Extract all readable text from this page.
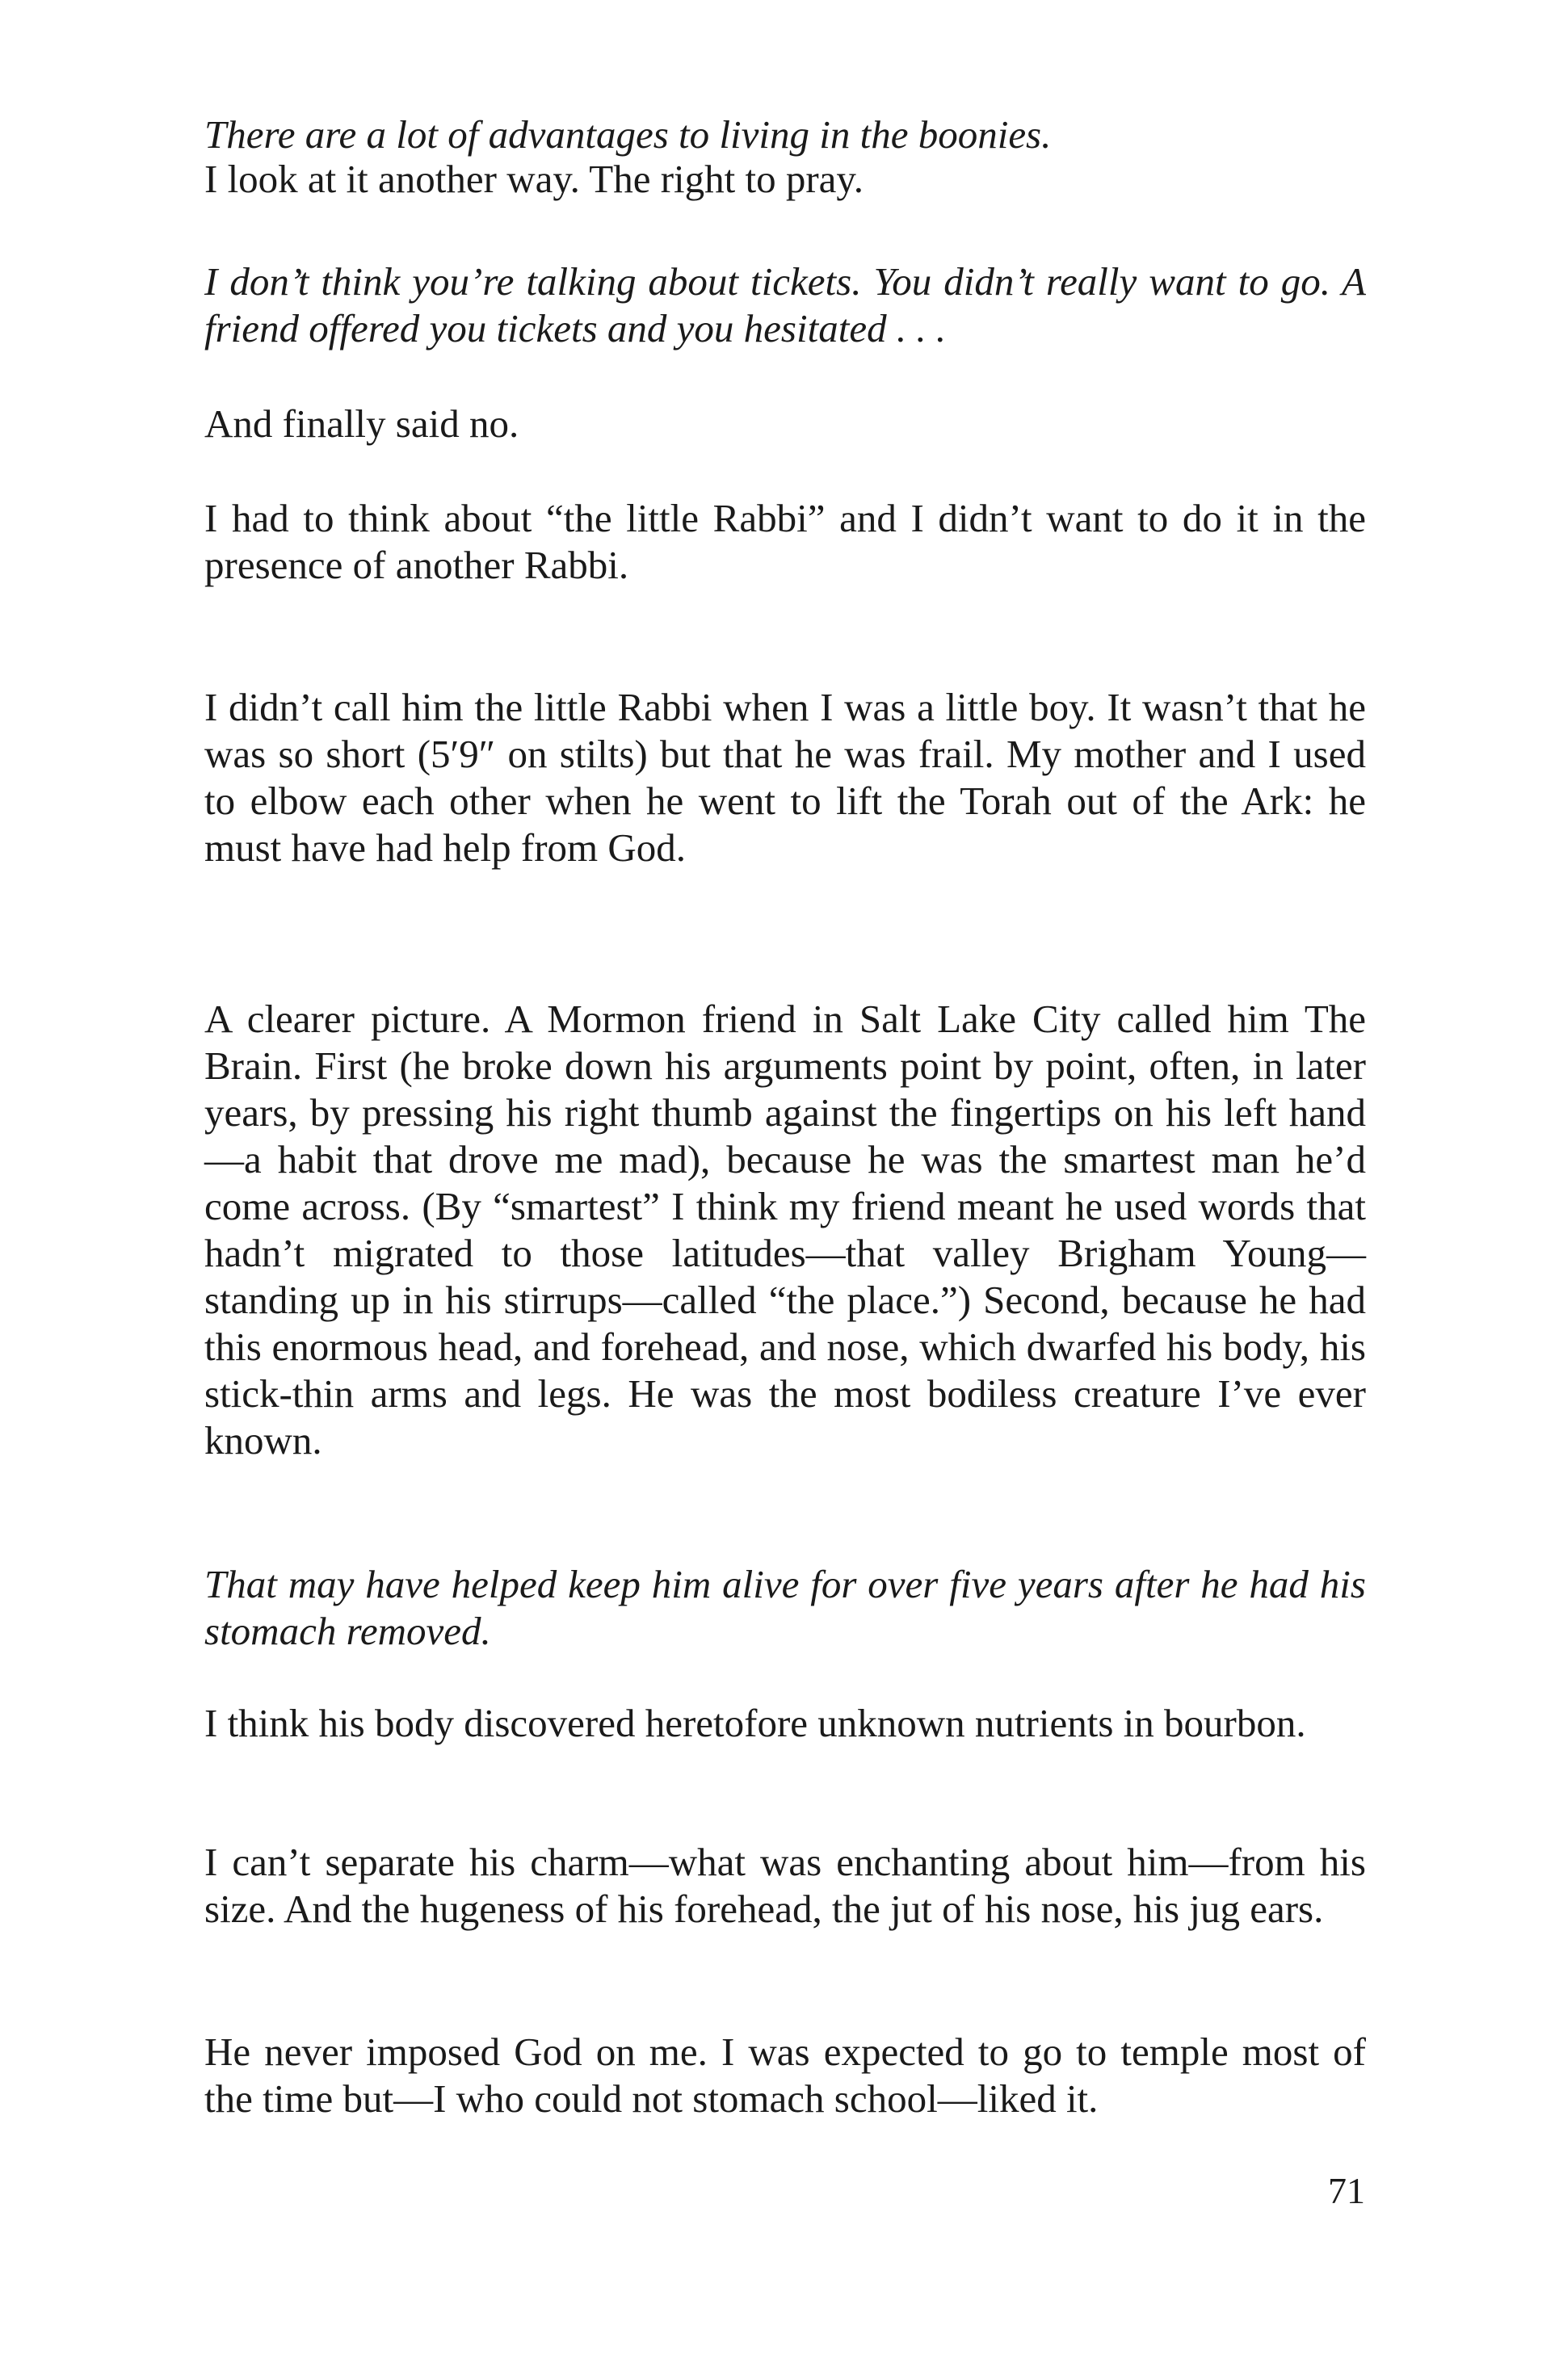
There are a lot of advantages to living in the boonies.

I look at it another way. The right to pray.

I don’t think you’re talking about tickets. You didn’t really want to go. A friend offered you tickets and you hesitated . . .

And finally said no.

I had to think about “the little Rabbi” and I didn’t want to do it in the presence of another Rabbi.

I didn’t call him the little Rabbi when I was a little boy. It wasn’t that he was so short (5′9″ on stilts) but that he was frail. My mother and I used to elbow each other when he went to lift the Torah out of the Ark: he must have had help from God.

A clearer picture. A Mormon friend in Salt Lake City called him The Brain. First (he broke down his arguments point by point, often, in later years, by pressing his right thumb against the fingertips on his left hand—a habit that drove me mad), because he was the smartest man he’d come across. (By “smartest” I think my friend meant he used words that hadn’t migrated to those latitudes—that valley Brigham Young—standing up in his stirrups—called “the place.”) Second, because he had this enormous head, and forehead, and nose, which dwarfed his body, his stick-thin arms and legs. He was the most bodiless creature I’ve ever known.

That may have helped keep him alive for over five years after he had his stomach removed.

I think his body discovered heretofore unknown nutrients in bourbon.

I can’t separate his charm—what was enchanting about him—from his size. And the hugeness of his forehead, the jut of his nose, his jug ears.

He never imposed God on me. I was expected to go to temple most of the time but—I who could not stomach school—liked it.

71
